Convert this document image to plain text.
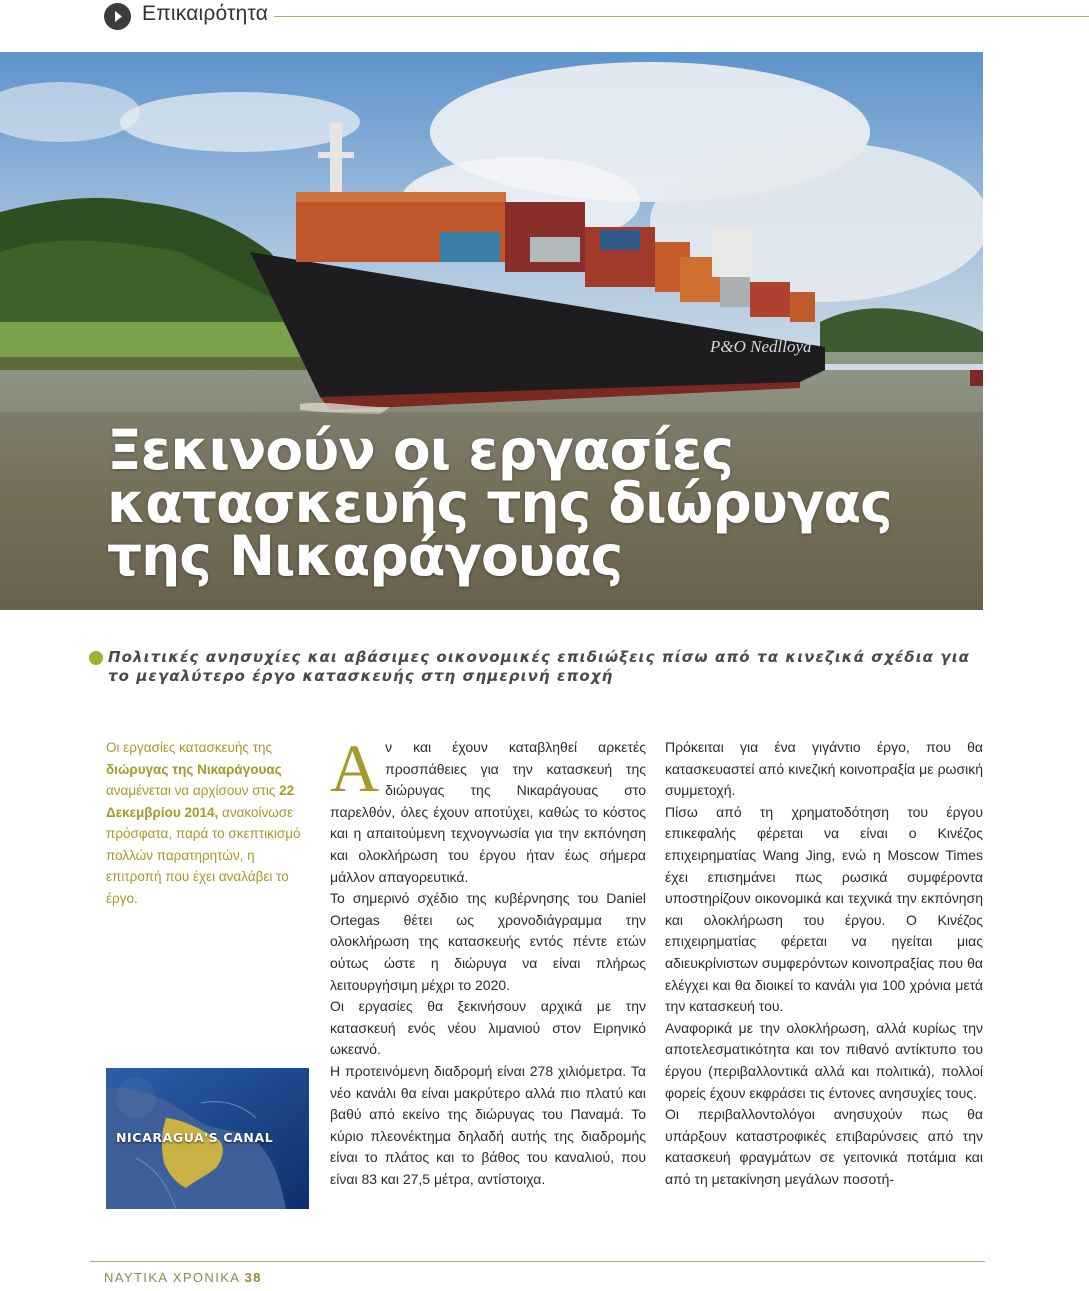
Επικαιρότητα
P&O Nedlloyd
Ξεκινούν οι εργασίες
κατασκευής της διώρυγας
της Νικαράγουας
Πολιτικές ανησυχίες και αβάσιμες οικονομικές επιδιώξεις πίσω από τα κινεζικά σχέδια για το μεγαλύτερο έργο κατασκευής στη σημερινή εποχή
Οι εργασίες κατασκευής της διώρυγας της Νικαράγουας αναμένεται να αρχίσουν στις 22 Δεκεμβρίου 2014, ανακοίνωσε πρόσφατα, παρά το σκεπτικισμό πολλών παρατηρητών, η επιτροπή που έχει αναλάβει το έργο.
NICARAGUA'S CANAL
Α ν και έχουν καταβληθεί αρκετές προσπάθειες για την κατασκευή της διώρυγας της Νικαράγουας στο παρελθόν, όλες έχουν αποτύχει, καθώς το κόστος και η απαιτούμενη τεχνογνωσία για την εκπόνηση και ολοκλήρωση του έργου ήταν έως σήμερα μάλλον απαγορευτικά.

Το σημερινό σχέδιο της κυβέρνησης του Daniel Ortegas θέτει ως χρονοδιάγραμμα την ολοκλήρωση της κατασκευής εντός πέντε ετών ούτως ώστε η διώρυγα να είναι πλήρως λειτουργήσιμη μέχρι το 2020.

Οι εργασίες θα ξεκινήσουν αρχικά με την κατασκευή ενός νέου λιμανιού στον Ειρηνικό ωκεανό.

Η προτεινόμενη διαδρομή είναι 278 χιλιόμετρα. Τα νέο κανάλι θα είναι μακρύτερο αλλά πιο πλατύ και βαθύ από εκείνο της διώρυγας του Παναμά. Το κύριο πλεονέκτημα δηλαδή αυτής της διαδρομής είναι το πλάτος και το βάθος του καναλιού, που είναι 83 και 27,5 μέτρα, αντίστοιχα.

Πρόκειται για ένα γιγάντιο έργο, που θα κατασκευαστεί από κινεζική κοινοπραξία με ρωσική συμμετοχή.

Πίσω από τη χρηματοδότηση του έργου επικεφαλής φέρεται να είναι ο Κινέζος επιχειρηματίας Wang Jing, ενώ η Moscow Times έχει επισημάνει πως ρωσικά συμφέροντα υποστηρίζουν οικονομικά και τεχνικά την εκπόνηση και ολοκλήρωση του έργου. Ο Κινέζος επιχειρηματίας φέρεται να ηγείται μιας αδιευκρίνιστων συμφερόντων κοινοπραξίας που θα ελέγχει και θα διοικεί το κανάλι για 100 χρόνια μετά την κατασκευή του.

Αναφορικά με την ολοκλήρωση, αλλά κυρίως την αποτελεσματικότητα και τον πιθανό αντίκτυπο του έργου (περιβαλλοντικά αλλά και πολιτικά), πολλοί φορείς έχουν εκφράσει τις έντονες ανησυχίες τους.

Οι περιβαλλοντολόγοι ανησυχούν πως θα υπάρξουν καταστροφικές επιβαρύνσεις από την κατασκευή φραγμάτων σε γειτονικά ποτάμια και από τη μετακίνηση μεγάλων ποσοτή-

ΝΑΥΤΙΚΑ ΧΡΟΝΙΚΑ 38
